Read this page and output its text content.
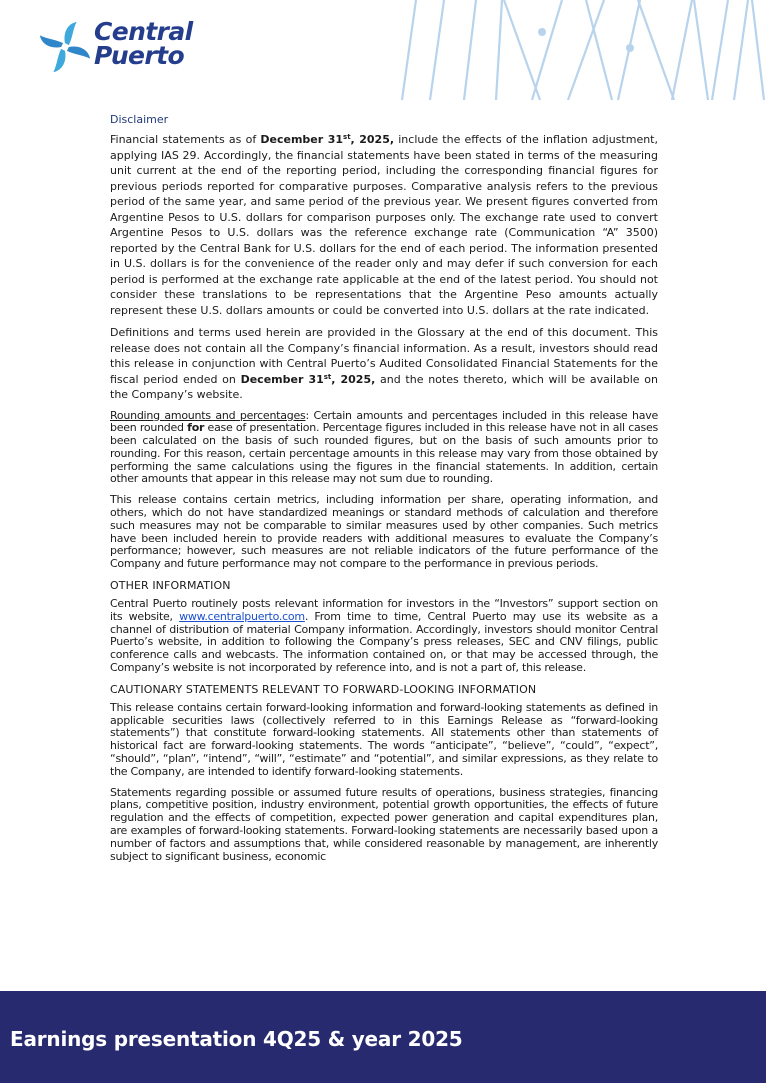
Central
Puerto
Disclaimer

Financial statements as of December 31st, 2025, include the effects of the inflation adjustment, applying IAS 29. Accordingly, the financial statements have been stated in terms of the measuring unit current at the end of the reporting period, including the corresponding financial figures for previous periods reported for comparative purposes. Comparative analysis refers to the previous period of the same year, and same period of the previous year. We present figures converted from Argentine Pesos to U.S. dollars for comparison purposes only. The exchange rate used to convert Argentine Pesos to U.S. dollars was the reference exchange rate (Communication “A” 3500) reported by the Central Bank for U.S. dollars for the end of each period. The information presented in U.S. dollars is for the convenience of the reader only and may defer if such conversion for each period is performed at the exchange rate applicable at the end of the latest period. You should not consider these translations to be representations that the Argentine Peso amounts actually represent these U.S. dollars amounts or could be converted into U.S. dollars at the rate indicated.

Definitions and terms used herein are provided in the Glossary at the end of this document. This release does not contain all the Company’s financial information. As a result, investors should read this release in conjunction with Central Puerto’s Audited Consolidated Financial Statements for the fiscal period ended on December 31st, 2025, and the notes thereto, which will be available on the Company’s website.

Rounding amounts and percentages: Certain amounts and percentages included in this release have been rounded for ease of presentation. Percentage figures included in this release have not in all cases been calculated on the basis of such rounded figures, but on the basis of such amounts prior to rounding. For this reason, certain percentage amounts in this release may vary from those obtained by performing the same calculations using the figures in the financial statements. In addition, certain other amounts that appear in this release may not sum due to rounding.

This release contains certain metrics, including information per share, operating information, and others, which do not have standardized meanings or standard methods of calculation and therefore such measures may not be comparable to similar measures used by other companies. Such metrics have been included herein to provide readers with additional measures to evaluate the Company’s performance; however, such measures are not reliable indicators of the future performance of the Company and future performance may not compare to the performance in previous periods.

OTHER INFORMATION

Central Puerto routinely posts relevant information for investors in the “Investors” support section on its website, www.centralpuerto.com. From time to time, Central Puerto may use its website as a channel of distribution of material Company information. Accordingly, investors should monitor Central Puerto’s website, in addition to following the Company’s press releases, SEC and CNV filings, public conference calls and webcasts. The information contained on, or that may be accessed through, the Company’s website is not incorporated by reference into, and is not a part of, this release.

CAUTIONARY STATEMENTS RELEVANT TO FORWARD-LOOKING INFORMATION

This release contains certain forward-looking information and forward-looking statements as defined in applicable securities laws (collectively referred to in this Earnings Release as “forward-looking statements”) that constitute forward-looking statements. All statements other than statements of historical fact are forward-looking statements. The words “anticipate”, “believe”, “could”, “expect”, “should”, “plan”, “intend”, “will”, “estimate” and “potential”, and similar expressions, as they relate to the Company, are intended to identify forward-looking statements.

Statements regarding possible or assumed future results of operations, business strategies, financing plans, competitive position, industry environment, potential growth opportunities, the effects of future regulation and the effects of competition, expected power generation and capital expenditures plan, are examples of forward-looking statements. Forward-looking statements are necessarily based upon a number of factors and assumptions that, while considered reasonable by management, are inherently subject to significant business, economic

Earnings presentation 4Q25 & year 2025
